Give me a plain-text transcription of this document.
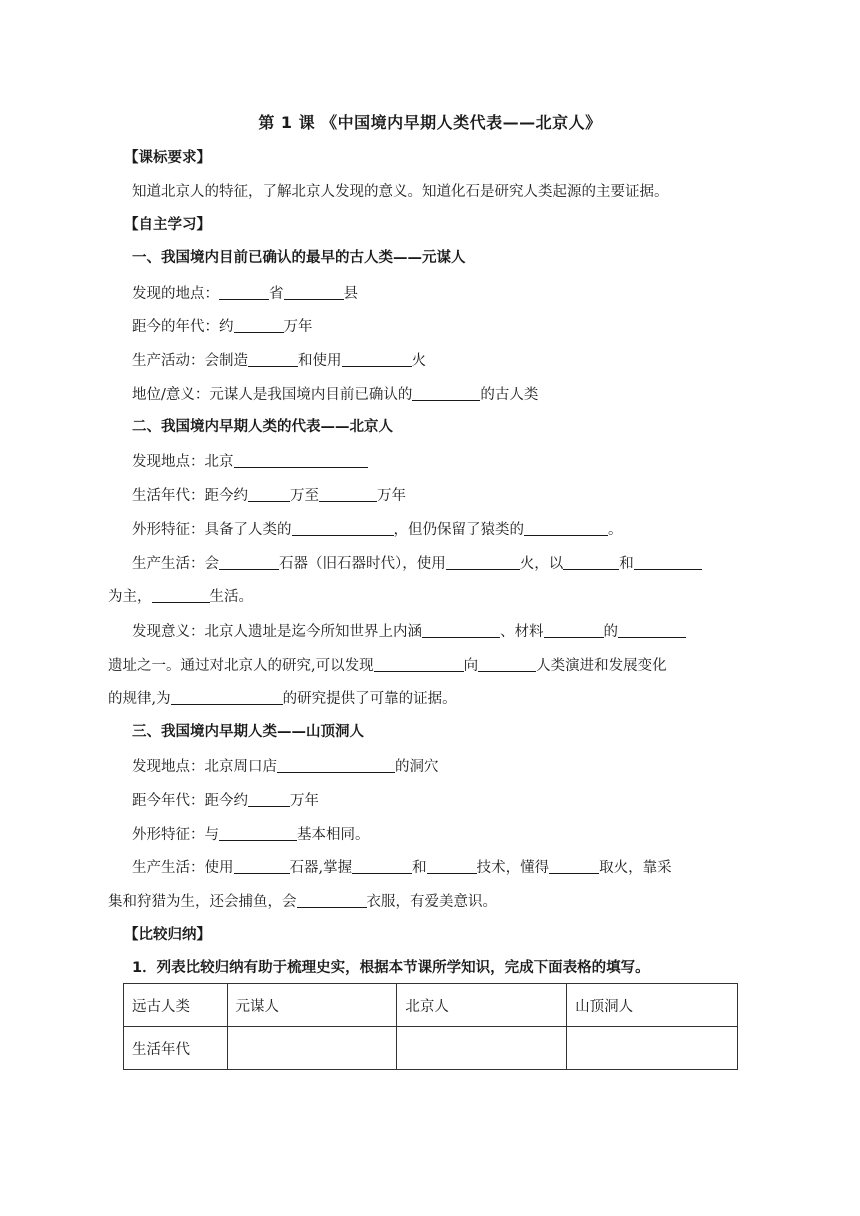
第 1 课 《中国境内早期人类代表——北京人》
【课标要求】
知道北京人的特征，了解北京人发现的意义。知道化石是研究人类起源的主要证据。
【自主学习】
一、我国境内目前已确认的最早的古人类——元谋人
发现的地点：	省	县
距今的年代：约	万年
生产活动：会制造	和使用	火
地位/意义：元谋人是我国境内目前已确认的	的古人类
二、我国境内早期人类的代表——北京人
发现地点：北京
生活年代：距今约	万至	万年
外形特征：具备了人类的	，但仍保留了猿类的	。
生产生活：会	石器（旧石器时代），使用	火，以	和
为主，	生活。
发现意义：北京人遗址是迄今所知世界上内涵	、材料	的
遗址之一。通过对北京人的研究,可以发现	向	人类演进和发展变化
的规律,为	的研究提供了可靠的证据。
三、我国境内早期人类——山顶洞人
发现地点：北京周口店	的洞穴
距今年代：距今约	万年
外形特征：与	基本相同。
生产生活：使用	石器,掌握	和	技术，懂得	取火，靠采
集和狩猎为生，还会捕鱼，会	衣服，有爱美意识。
【比较归纳】
1．列表比较归纳有助于梳理史实，根据本节课所学知识，完成下面表格的填写。
远古人类	元谋人	北京人	山顶洞人
生活年代			
